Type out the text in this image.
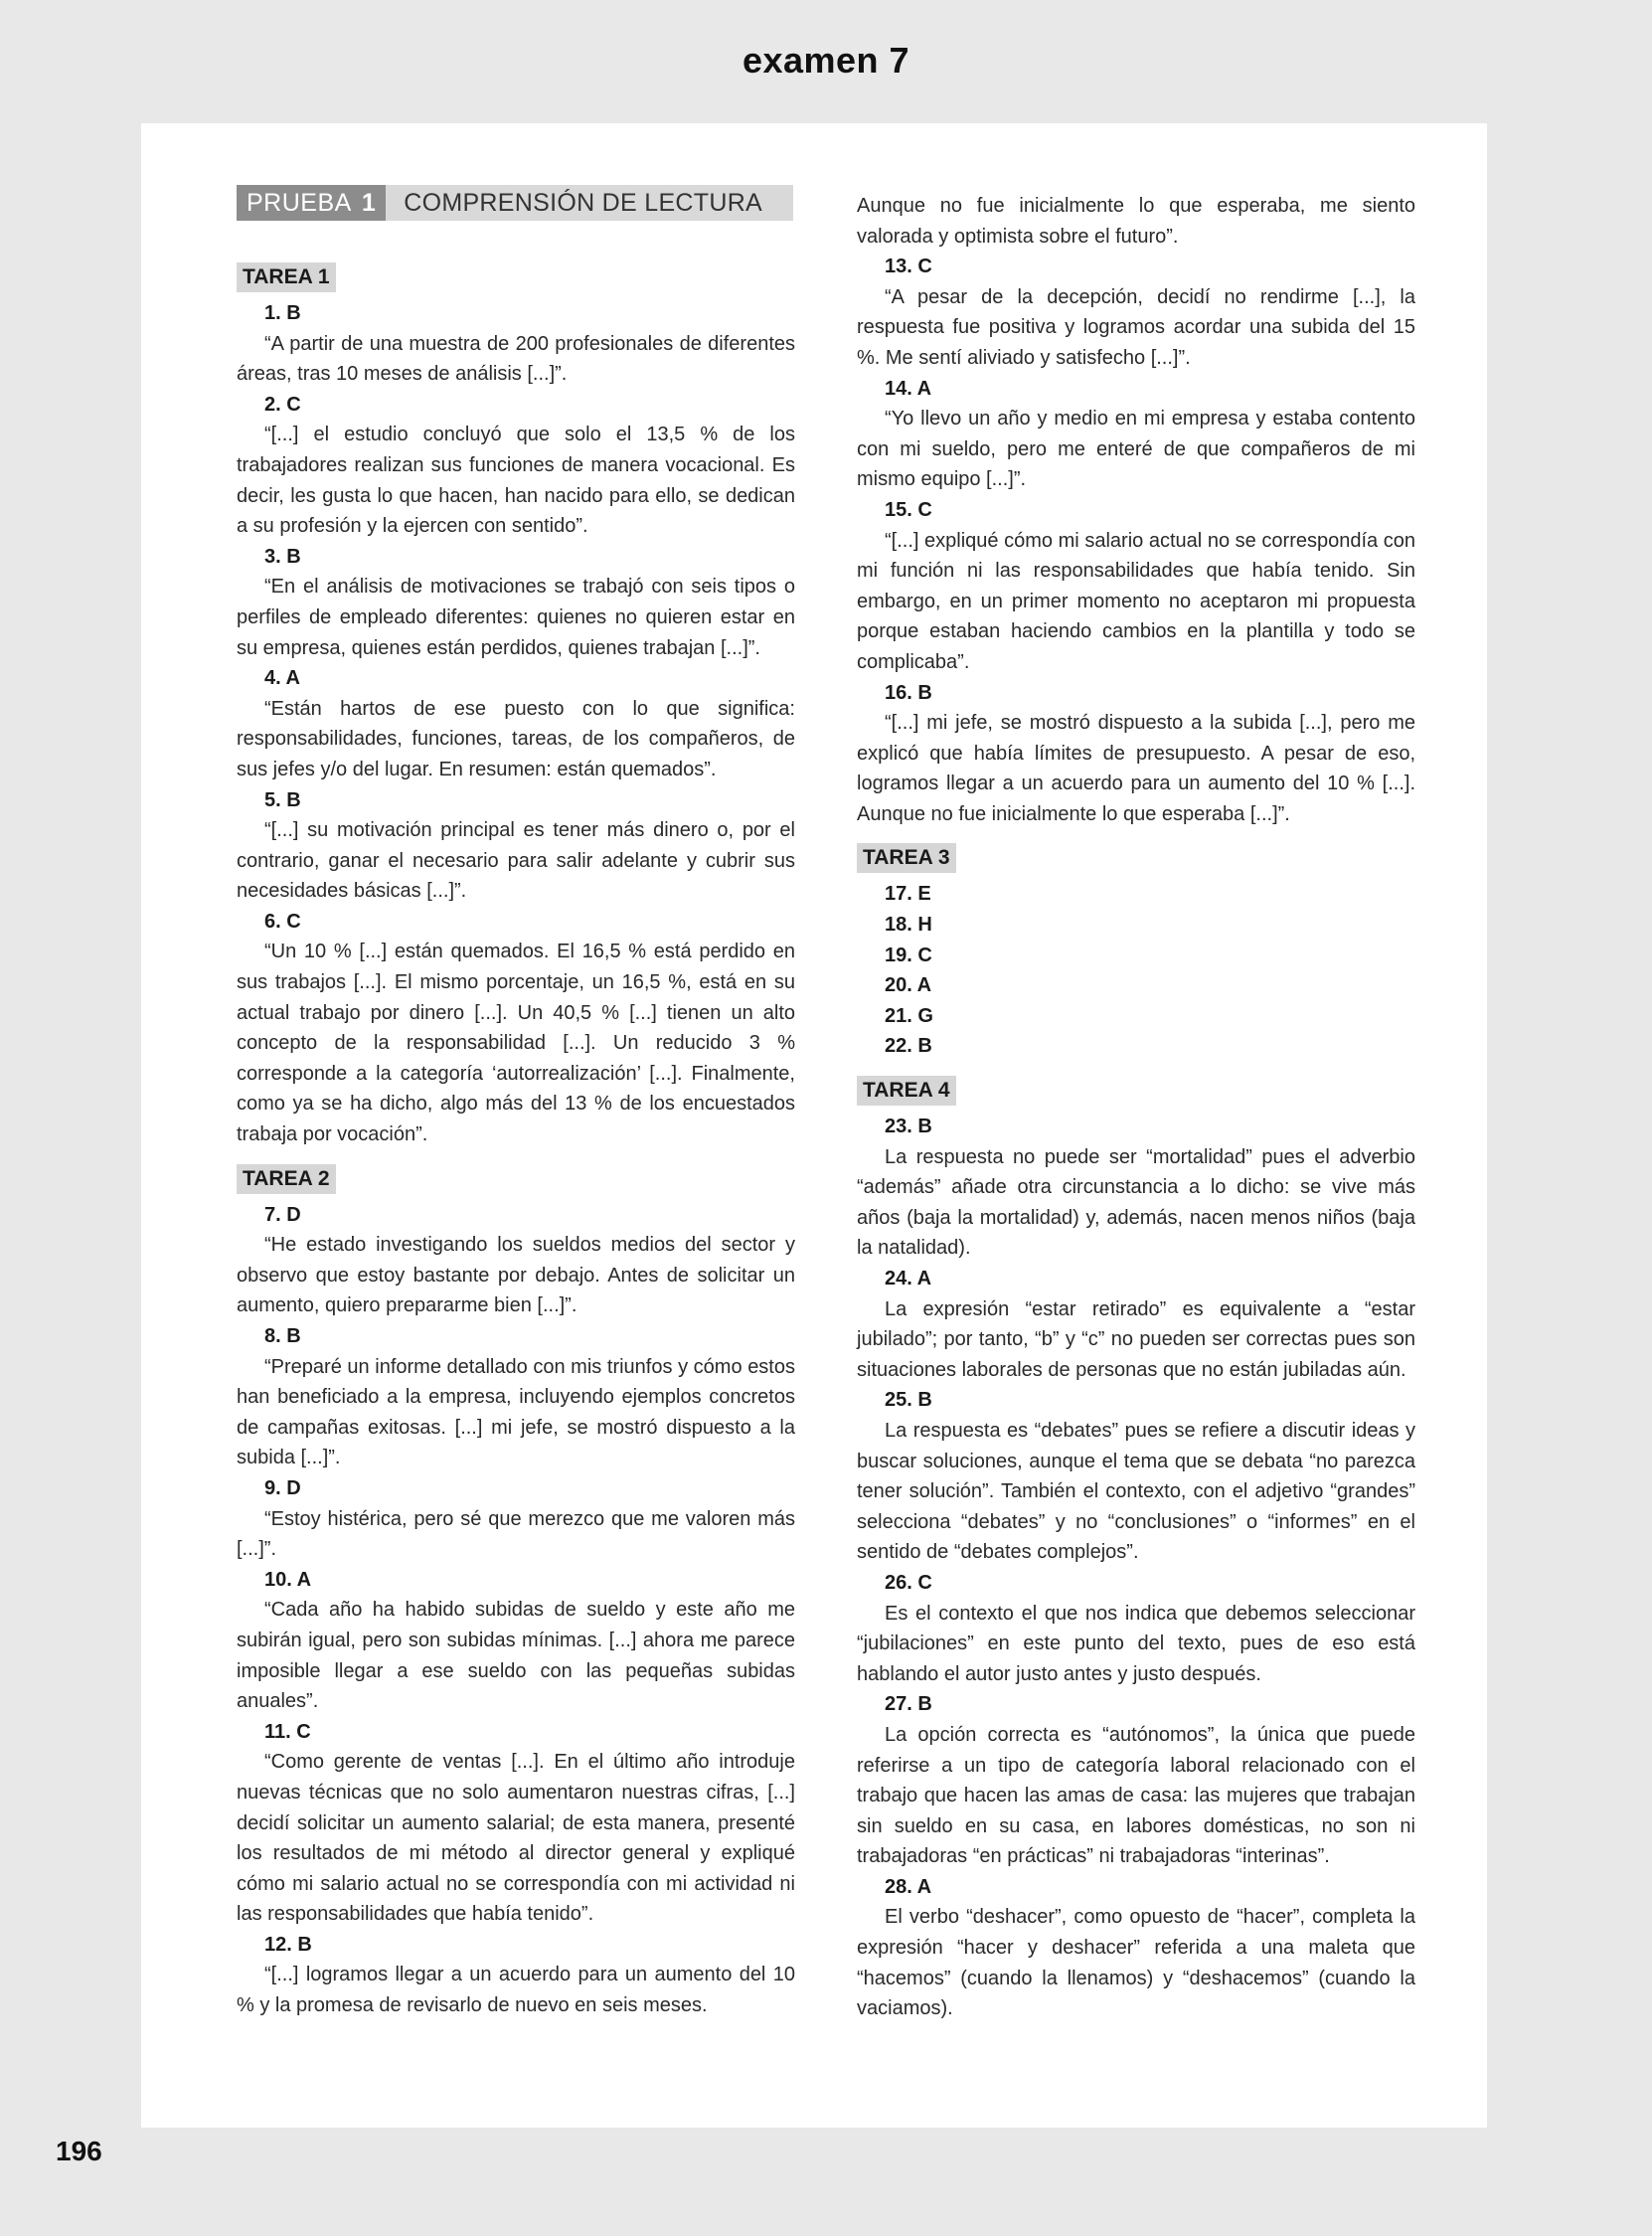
examen 7
PRUEBA 1	COMPRENSIÓN DE LECTURA
TAREA 1

1. B
“A partir de una muestra de 200 profesionales de diferentes áreas, tras 10 meses de análisis [...]”.
2. C
“[...] el estudio concluyó que solo el 13,5 % de los trabajadores realizan sus funciones de manera vocacional. Es decir, les gusta lo que hacen, han nacido para ello, se dedican a su profesión y la ejercen con sentido”.
3. B
“En el análisis de motivaciones se trabajó con seis tipos o perfiles de empleado diferentes: quienes no quieren estar en su empresa, quienes están perdidos, quienes trabajan [...]”.
4. A
“Están hartos de ese puesto con lo que significa: responsabilidades, funciones, tareas, de los compañeros, de sus jefes y/o del lugar. En resumen: están quemados”.
5. B
“[...] su motivación principal es tener más dinero o, por el contrario, ganar el necesario para salir adelante y cubrir sus necesidades básicas [...]”.
6. C
“Un 10 % [...] están quemados. El 16,5 % está perdido en sus trabajos [...]. El mismo porcentaje, un 16,5 %, está en su actual trabajo por dinero [...]. Un 40,5 % [...] tienen un alto concepto de la responsabilidad [...]. Un reducido 3 % corresponde a la categoría ‘autorrealización’ [...]. Finalmente, como ya se ha dicho, algo más del 13 % de los encuestados trabaja por vocación”.
TAREA 2

7. D
“He estado investigando los sueldos medios del sector y observo que estoy bastante por debajo. Antes de solicitar un aumento, quiero prepararme bien [...]”.
8. B
“Preparé un informe detallado con mis triunfos y cómo estos han beneficiado a la empresa, incluyendo ejemplos concretos de campañas exitosas. [...] mi jefe, se mostró dispuesto a la subida [...]”.
9. D
“Estoy histérica, pero sé que merezco que me valoren más [...]”.
10. A
“Cada año ha habido subidas de sueldo y este año me subirán igual, pero son subidas mínimas. [...] ahora me parece imposible llegar a ese sueldo con las pequeñas subidas anuales”.
11. C
“Como gerente de ventas [...]. En el último año introduje nuevas técnicas que no solo aumentaron nuestras cifras, [...] decidí solicitar un aumento salarial; de esta manera, presenté los resultados de mi método al director general y expliqué cómo mi salario actual no se correspondía con mi actividad ni las responsabilidades que había tenido”.
12. B
“[...] logramos llegar a un acuerdo para un aumento del 10 % y la promesa de revisarlo de nuevo en seis meses.
Aunque no fue inicialmente lo que esperaba, me siento valorada y optimista sobre el futuro”.
13. C
“A pesar de la decepción, decidí no rendirme [...], la respuesta fue positiva y logramos acordar una subida del 15 %. Me sentí aliviado y satisfecho [...]”.
14. A
“Yo llevo un año y medio en mi empresa y estaba contento con mi sueldo, pero me enteré de que compañeros de mi mismo equipo [...]”.
15. C
“[...] expliqué cómo mi salario actual no se correspondía con mi función ni las responsabilidades que había tenido. Sin embargo, en un primer momento no aceptaron mi propuesta porque estaban haciendo cambios en la plantilla y todo se complicaba”.
16. B
“[...] mi jefe, se mostró dispuesto a la subida [...], pero me explicó que había límites de presupuesto. A pesar de eso, logramos llegar a un acuerdo para un aumento del 10 % [...]. Aunque no fue inicialmente lo que esperaba [...]”.
TAREA 3

17. E
18. H
19. C
20. A
21. G
22. B
TAREA 4

23. B
La respuesta no puede ser “mortalidad” pues el adverbio “además” añade otra circunstancia a lo dicho: se vive más años (baja la mortalidad) y, además, nacen menos niños (baja la natalidad).
24. A
La expresión “estar retirado” es equivalente a “estar jubilado”; por tanto, “b” y “c” no pueden ser correctas pues son situaciones laborales de personas que no están jubiladas aún.
25. B
La respuesta es “debates” pues se refiere a discutir ideas y buscar soluciones, aunque el tema que se debata “no parezca tener solución”. También el contexto, con el adjetivo “grandes” selecciona “debates” y no “conclusiones” o “informes” en el sentido de “debates complejos”.
26. C
Es el contexto el que nos indica que debemos seleccionar “jubilaciones” en este punto del texto, pues de eso está hablando el autor justo antes y justo después.
27. B
La opción correcta es “autónomos”, la única que puede referirse a un tipo de categoría laboral relacionado con el trabajo que hacen las amas de casa: las mujeres que trabajan sin sueldo en su casa, en labores domésticas, no son ni trabajadoras “en prácticas” ni trabajadoras “interinas”.
28. A
El verbo “deshacer”, como opuesto de “hacer”, completa la expresión “hacer y deshacer” referida a una maleta que “hacemos” (cuando la llenamos) y “deshacemos” (cuando la vaciamos).
196
